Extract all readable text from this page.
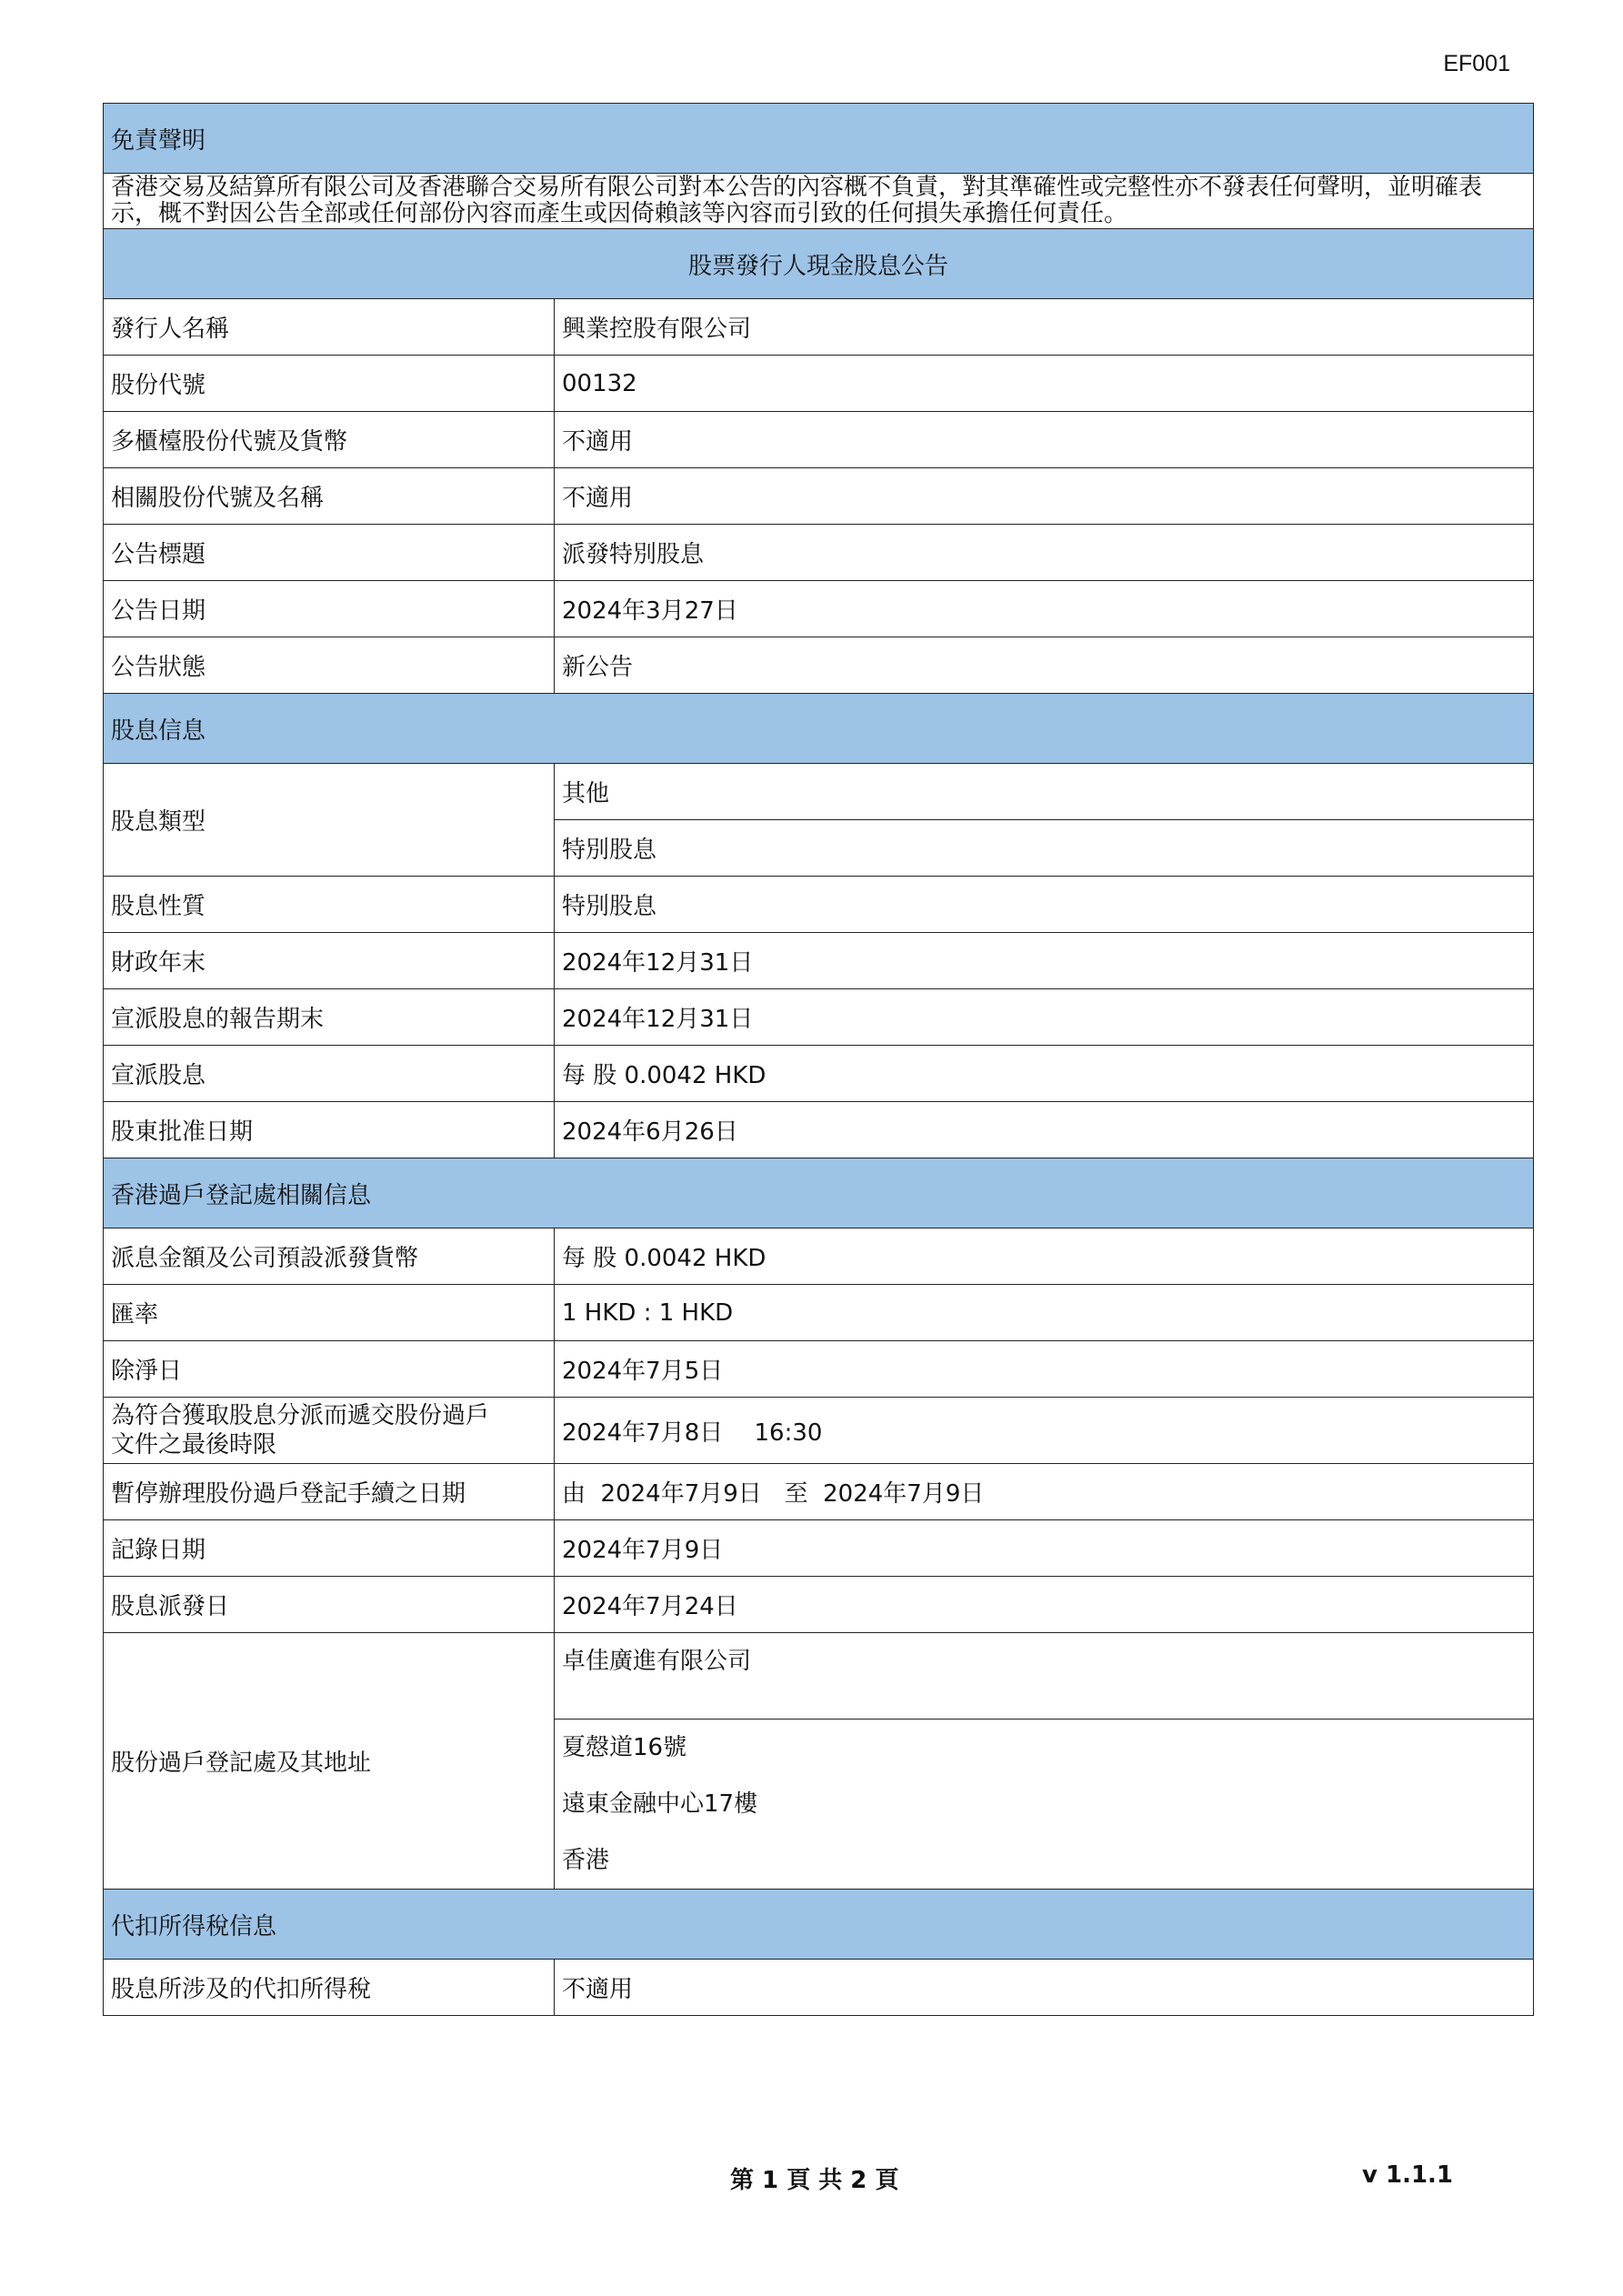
EF001
免責聲明	
香港交易及結算所有限公司及香港聯合交易所有限公司對本公告的內容概不負責，對其準確性或完整性亦不發表任何聲明，並明確表示，概不對因公告全部或任何部份內容而產生或因倚賴該等內容而引致的任何損失承擔任何責任。	
股票發行人現金股息公告	
發行人名稱	興業控股有限公司
股份代號	00132
多櫃檯股份代號及貨幣	不適用
相關股份代號及名稱	不適用
公告標題	派發特別股息
公告日期	2024年3月27日
公告狀態	新公告
股息信息	
股息類型	其他
	特別股息
股息性質	特別股息
財政年末	2024年12月31日
宣派股息的報告期末	2024年12月31日
宣派股息	每 股 0.0042 HKD
股東批准日期	2024年6月26日
香港過戶登記處相關信息	
派息金額及公司預設派發貨幣	每 股 0.0042 HKD
匯率	1 HKD : 1 HKD
除淨日	2024年7月5日
為符合獲取股息分派而遞交股份過戶
文件之最後時限	2024年7月8日　 16:30
暫停辦理股份過戶登記手續之日期	由  2024年7月9日   至  2024年7月9日
記錄日期	2024年7月9日
股息派發日	2024年7月24日
股份過戶登記處及其地址	卓佳廣進有限公司

	夏慤道16號
遠東金融中心17樓
香港

代扣所得稅信息	
股息所涉及的代扣所得稅	不適用
第 1 頁 共 2 頁	v 1.1.1
